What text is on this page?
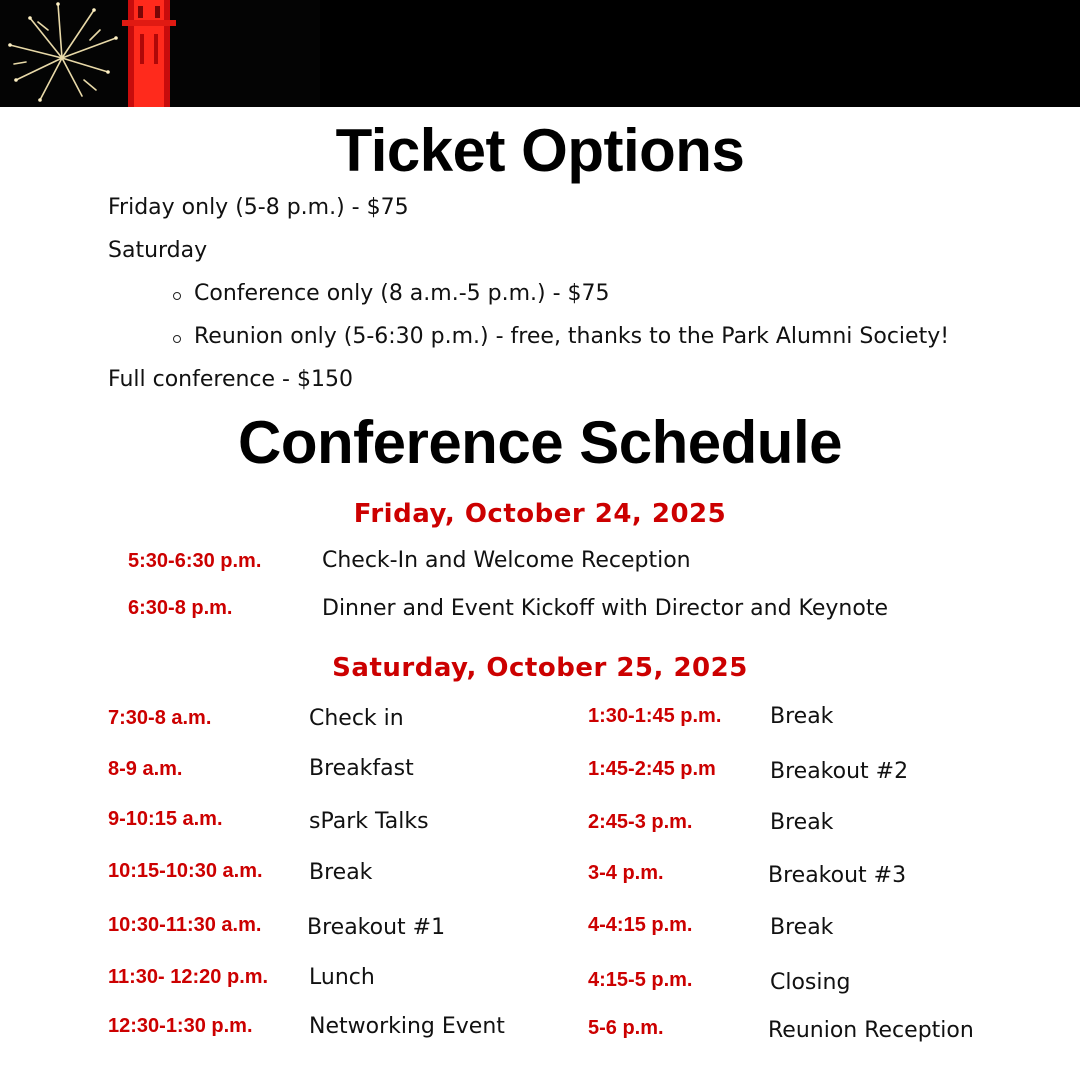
Ticket Options
Friday only (5-8 p.m.) - $75
Saturday
Conference only (8 a.m.-5 p.m.) - $75
Reunion only (5-6:30 p.m.) - free, thanks to the Park Alumni Society!
Full conference - $150
Conference Schedule
Friday, October 24, 2025
5:30-6:30 p.m.	Check-In and Welcome Reception
6:30-8 p.m.	Dinner and Event Kickoff with Director and Keynote
Saturday, October 25, 2025
7:30-8 a.m.	Check in
8-9 a.m.	Breakfast
9-10:15 a.m.	sPark Talks
10:15-10:30 a.m. Break
10:30-11:30 a.m. Breakout #1
11:30- 12:20 p.m. Lunch
12:30-1:30 p.m.	Networking Event
1:30-1:45 p.m. Break
1:45-2:45 p.m Breakout #2
2:45-3 p.m.	Break
3-4 p.m.	Breakout #3
4-4:15 p.m.	Break
4:15-5 p.m.	Closing
5-6 p.m.	Reunion Reception
